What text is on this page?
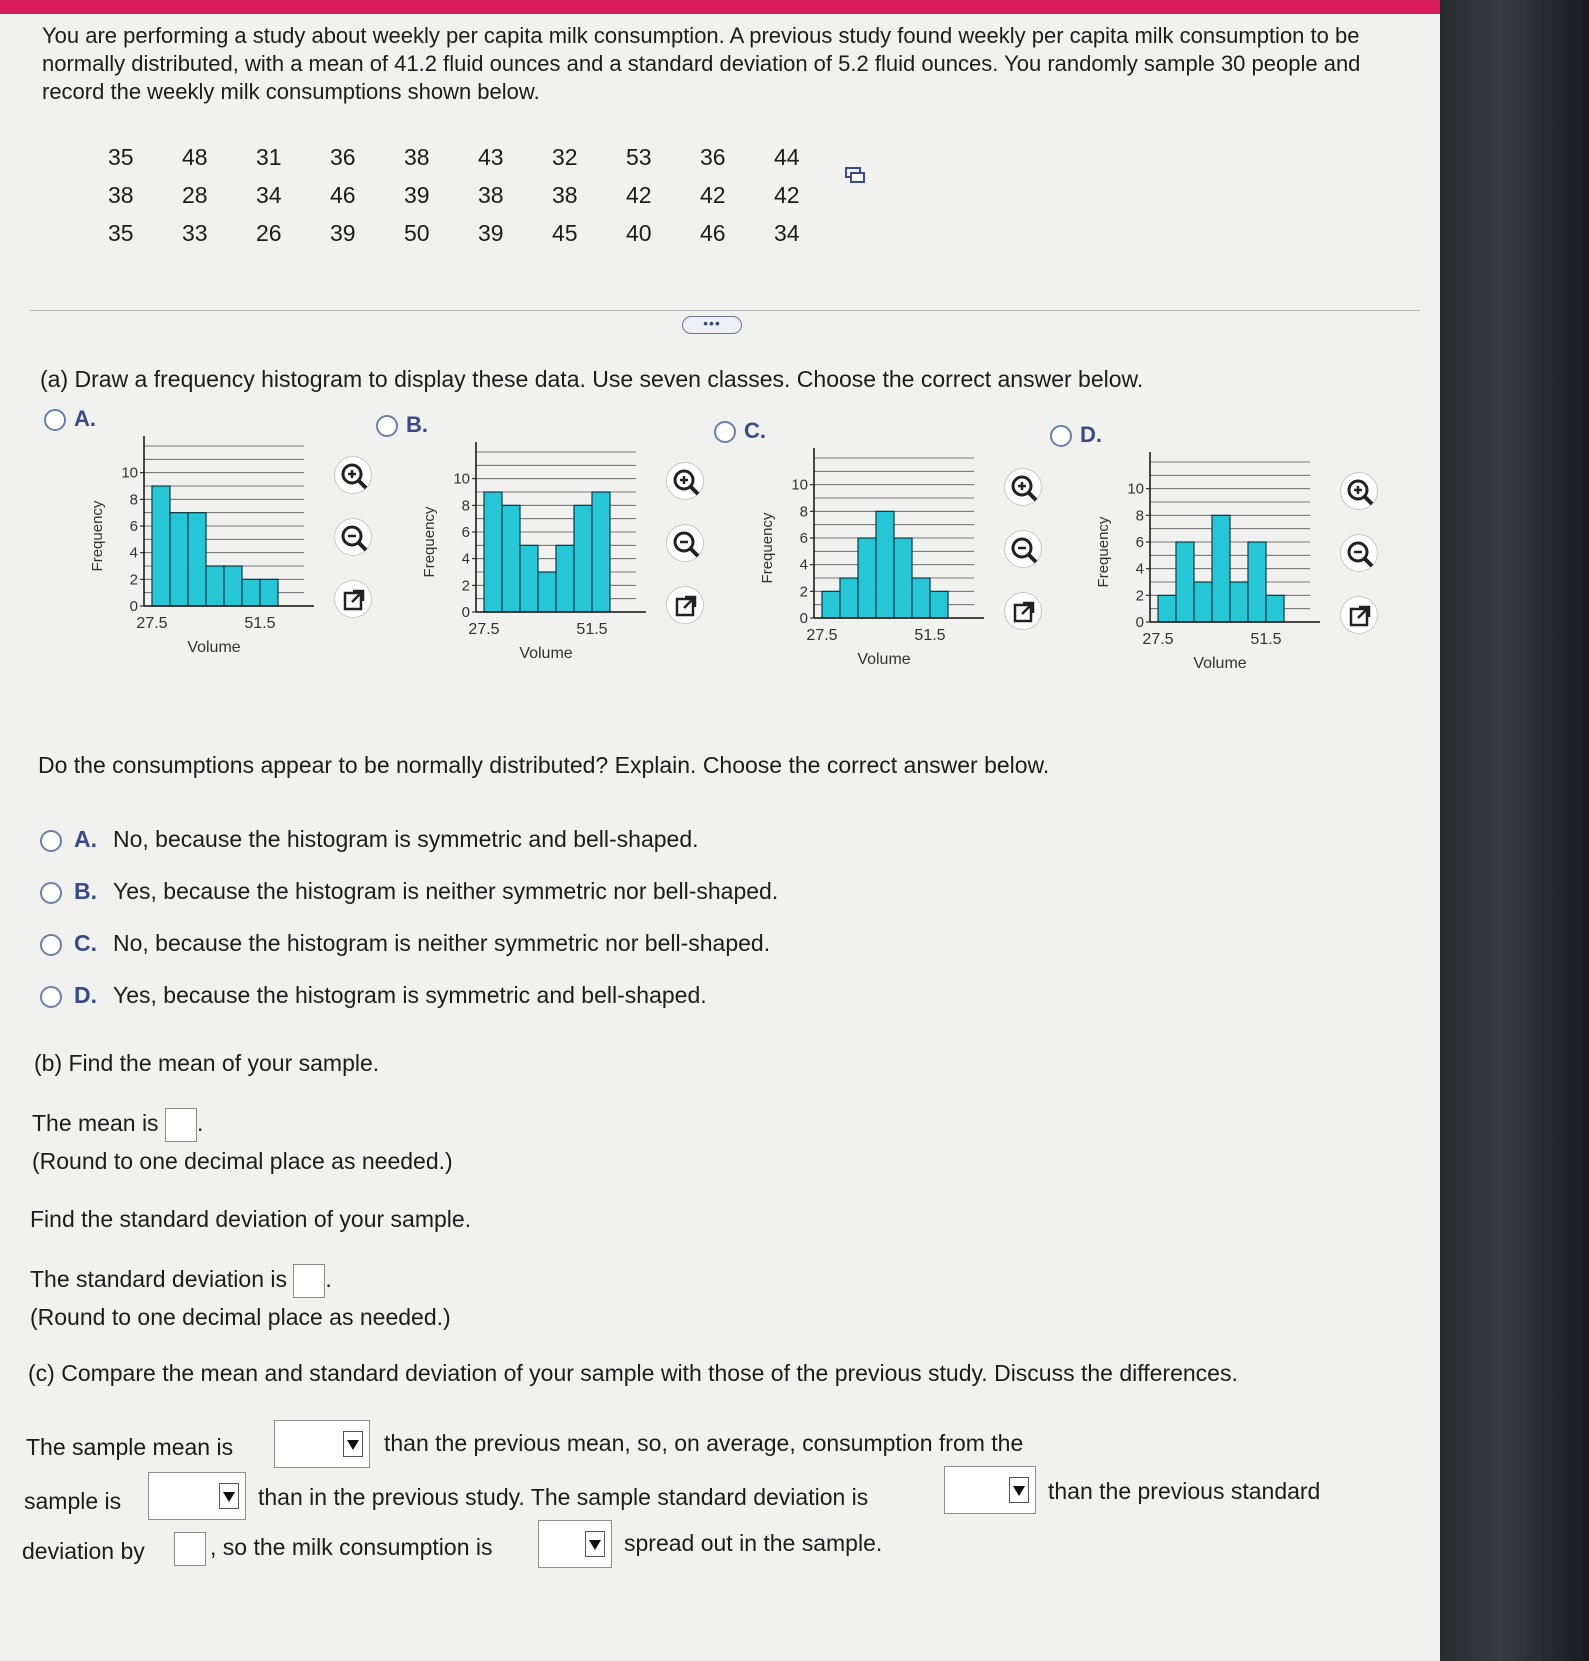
You are performing a study about weekly per capita milk consumption. A previous study found weekly per capita milk consumption to be normally distributed, with a mean of 41.2 fluid ounces and a standard deviation of 5.2 fluid ounces. You randomly sample 30 people and record the weekly milk consumptions shown below.
35	48	31	36	38	43	32	53	36	44
38	28	34	46	39	38	38	42	42	42
35	33	26	39	50	39	45	40	46	34
•••
(a) Draw a frequency histogram to display these data. Use seven classes. Choose the correct answer below.
A.
0
2
4
6
8
10
27.5	51.5
Volume
Frequency
B.
0
2
4
6
8
10
27.5	51.5
Volume
Frequency
C.
0
2
4
6
8
10
27.5	51.5
Volume
Frequency
D.
0
2
4
6
8
10
27.5	51.5
Volume
Frequency
Do the consumptions appear to be normally distributed? Explain. Choose the correct answer below.
A. No, because the histogram is symmetric and bell-shaped.
B. Yes, because the histogram is neither symmetric nor bell-shaped.
C. No, because the histogram is neither symmetric nor bell-shaped.
D. Yes, because the histogram is symmetric and bell-shaped.
(b) Find the mean of your sample.
The mean is .
(Round to one decimal place as needed.)
Find the standard deviation of your sample.
The standard deviation is .
(Round to one decimal place as needed.)
(c) Compare the mean and standard deviation of your sample with those of the previous study. Discuss the differences.
The sample mean is	than the previous mean, so, on average, consumption from the
sample is	than in the previous study. The sample standard deviation is	than the previous standard
deviation by	, so the milk consumption is	spread out in the sample.
